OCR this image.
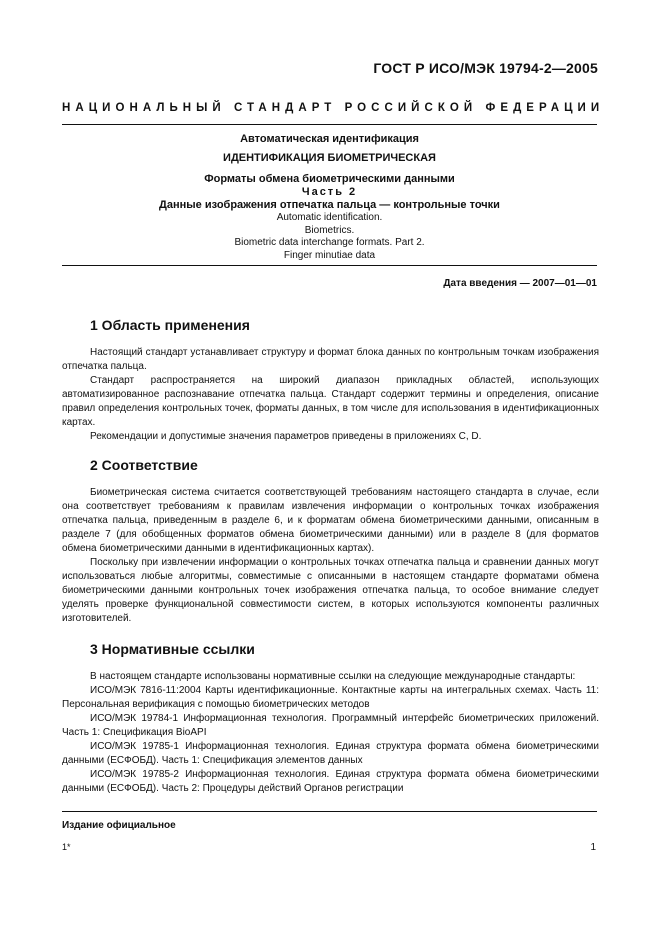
ГОСТ Р ИСО/МЭК 19794-2—2005
НАЦИОНАЛЬНЫЙ СТАНДАРТ РОССИЙСКОЙ ФЕДЕРАЦИИ
Автоматическая идентификация
ИДЕНТИФИКАЦИЯ БИОМЕТРИЧЕСКАЯ
Форматы обмена биометрическими данными
Часть 2
Данные изображения отпечатка пальца — контрольные точки
Automatic identification.
Biometrics.
Biometric data interchange formats. Part 2.
Finger minutiae data
Дата введения — 2007—01—01
1 Область применения

Настоящий стандарт устанавливает структуру и формат блока данных по контрольным точкам изображения отпечатка пальца.

Стандарт распространяется на широкий диапазон прикладных областей, использующих автоматизированное распознавание отпечатка пальца. Стандарт содержит термины и определения, описание правил определения контрольных точек, форматы данных, в том числе для использования в идентификационных картах.

Рекомендации и допустимые значения параметров приведены в приложениях C, D.

2 Соответствие

Биометрическая система считается соответствующей требованиям настоящего стандарта в случае, если она соответствует требованиям к правилам извлечения информации о контрольных точках изображения отпечатка пальца, приведенным в разделе 6, и к форматам обмена биометрическими данными, описанным в разделе 7 (для обобщенных форматов обмена биометрическими данными) или в разделе 8 (для форматов обмена биометрическими данными в идентификационных картах).

Поскольку при извлечении информации о контрольных точках отпечатка пальца и сравнении данных могут использоваться любые алгоритмы, совместимые с описанными в настоящем стандарте форматами обмена биометрическими данными контрольных точек изображения отпечатка пальца, то особое внимание следует уделять проверке функциональной совместимости систем, в которых используются компоненты различных изготовителей.

3 Нормативные ссылки

В настоящем стандарте использованы нормативные ссылки на следующие международные стандарты:

ИСО/МЭК 7816-11:2004 Карты идентификационные. Контактные карты на интегральных схемах. Часть 11: Персональная верификация с помощью биометрических методов

ИСО/МЭК 19784-1 Информационная технология. Программный интерфейс биометрических приложений. Часть 1: Спецификация BioAPI

ИСО/МЭК 19785-1 Информационная технология. Единая структура формата обмена биометрическими данными (ЕСФОБД). Часть 1: Спецификация элементов данных

ИСО/МЭК 19785-2 Информационная технология. Единая структура формата обмена биометрическими данными (ЕСФОБД). Часть 2: Процедуры действий Органов регистрации

Издание официальное
1*	1
